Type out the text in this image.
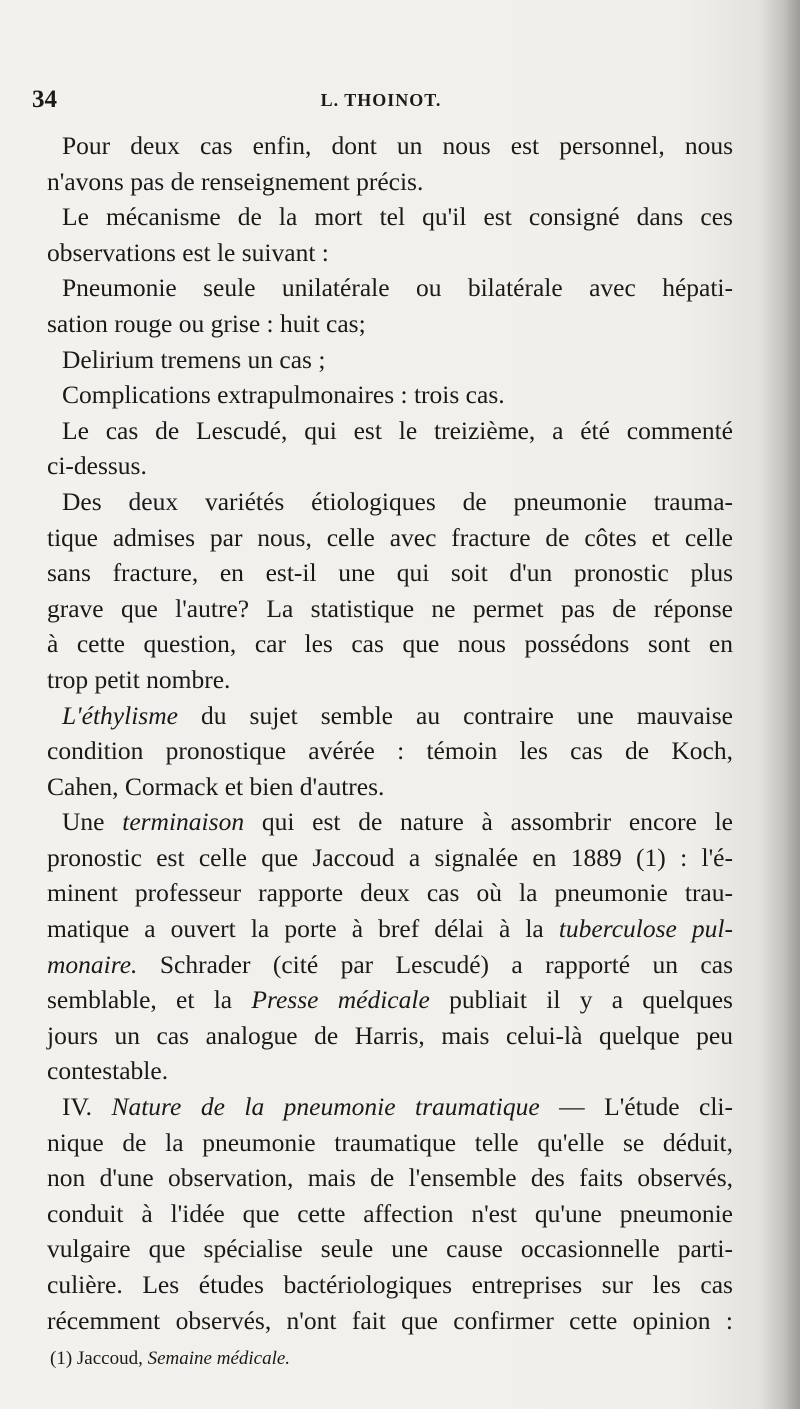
34	L. THOINOT.
Pour deux cas enfin, dont un nous est personnel, nous
n'avons pas de renseignement précis.
Le mécanisme de la mort tel qu'il est consigné dans ces
observations est le suivant :
Pneumonie seule unilatérale ou bilatérale avec hépati-
sation rouge ou grise : huit cas;
Delirium tremens un cas ;
Complications extrapulmonaires : trois cas.
Le cas de Lescudé, qui est le treizième, a été commenté
ci-dessus.
Des deux variétés étiologiques de pneumonie trauma-
tique admises par nous, celle avec fracture de côtes et celle
sans fracture, en est-il une qui soit d'un pronostic plus
grave que l'autre? La statistique ne permet pas de réponse
à cette question, car les cas que nous possédons sont en
trop petit nombre.
L'éthylisme du sujet semble au contraire une mauvaise
condition pronostique avérée : témoin les cas de Koch,
Cahen, Cormack et bien d'autres.
Une terminaison qui est de nature à assombrir encore le
pronostic est celle que Jaccoud a signalée en 1889 (1) : l'é-
minent professeur rapporte deux cas où la pneumonie trau-
matique a ouvert la porte à bref délai à la tuberculose pul-
monaire. Schrader (cité par Lescudé) a rapporté un cas
semblable, et la Presse médicale publiait il y a quelques
jours un cas analogue de Harris, mais celui-là quelque peu
contestable.
IV. Nature de la pneumonie traumatique — L'étude cli-
nique de la pneumonie traumatique telle qu'elle se déduit,
non d'une observation, mais de l'ensemble des faits observés,
conduit à l'idée que cette affection n'est qu'une pneumonie
vulgaire que spécialise seule une cause occasionnelle parti-
culière. Les études bactériologiques entreprises sur les cas
récemment observés, n'ont fait que confirmer cette opinion :
(1) Jaccoud, Semaine médicale.
